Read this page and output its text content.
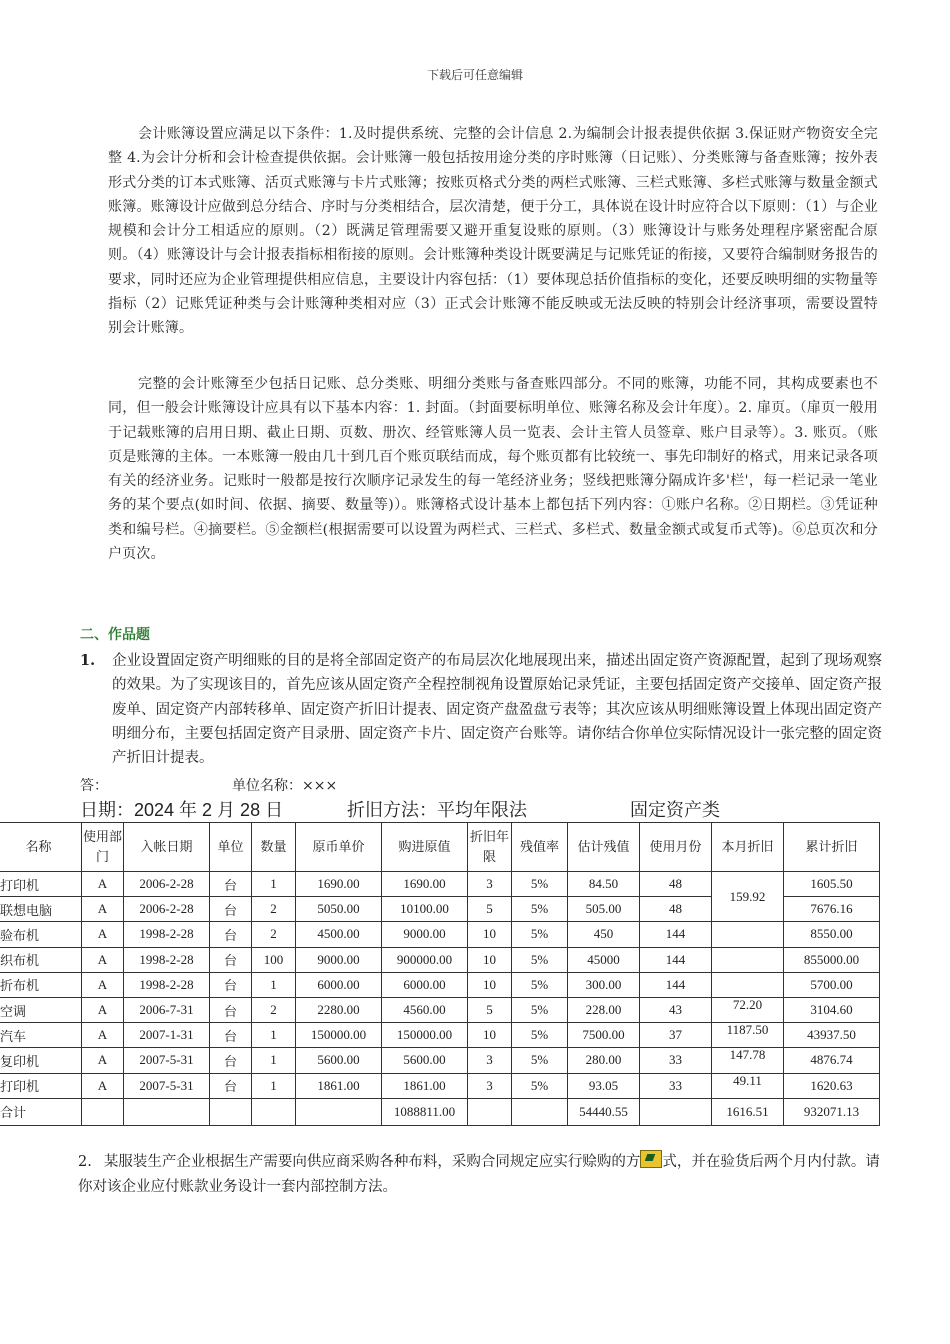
下载后可任意编辑

会计账簿设置应满足以下条件：1.及时提供系统、完整的会计信息 2.为编制会计报表提供依据 3.保证财产物资安全完整 4.为会计分析和会计检查提供依据。会计账簿一般包括按用途分类的序时账簿（日记账）、分类账簿与备查账簿；按外表形式分类的订本式账簿、活页式账簿与卡片式账簿；按账页格式分类的两栏式账簿、三栏式账簿、多栏式账簿与数量金额式账簿。账簿设计应做到总分结合、序时与分类相结合，层次清楚，便于分工，具体说在设计时应符合以下原则：（1）与企业规模和会计分工相适应的原则。（2）既满足管理需要又避开重复设账的原则。（3）账簿设计与账务处理程序紧密配合原则。（4）账簿设计与会计报表指标相衔接的原则。会计账簿种类设计既要满足与记账凭证的衔接，又要符合编制财务报告的要求，同时还应为企业管理提供相应信息，主要设计内容包括：（1）要体现总括价值指标的变化，还要反映明细的实物量等指标（2）记账凭证种类与会计账簿种类相对应（3）正式会计账簿不能反映或无法反映的特别会计经济事项，需要设置特别会计账簿。

完整的会计账簿至少包括日记账、总分类账、明细分类账与备查账四部分。不同的账簿，功能不同，其构成要素也不同，但一般会计账簿设计应具有以下基本内容：1. 封面。（封面要标明单位、账簿名称及会计年度）。2. 扉页。（扉页一般用于记载账簿的启用日期、截止日期、页数、册次、经管账簿人员一览表、会计主管人员签章、账户目录等）。3. 账页。（账页是账簿的主体。一本账簿一般由几十到几百个账页联结而成，每个账页都有比较统一、事先印制好的格式，用来记录各项有关的经济业务。记账时一般都是按行次顺序记录发生的每一笔经济业务；竖线把账簿分隔成许多'栏'，每一栏记录一笔业务的某个要点(如时间、依据、摘要、数量等)）。账簿格式设计基本上都包括下列内容：①账户名称。②日期栏。③凭证种类和编号栏。④摘要栏。⑤金额栏(根据需要可以设置为两栏式、三栏式、多栏式、数量金额式或复币式等)。⑥总页次和分户页次。

二、作品题
1. 企业设置固定资产明细账的目的是将全部固定资产的布局层次化地展现出来，描述出固定资产资源配置，起到了现场观察的效果。为了实现该目的，首先应该从固定资产全程控制视角设置原始记录凭证，主要包括固定资产交接单、固定资产报废单、固定资产内部转移单、固定资产折旧计提表、固定资产盘盈盘亏表等；其次应该从明细账簿设置上体现出固定资产明细分布，主要包括固定资产目录册、固定资产卡片、固定资产台账等。请你结合你单位实际情况设计一张完整的固定资产折旧计提表。
答：	单位名称：×××
日期：2024 年 2 月 28 日	折旧方法：平均年限法	固定资产类
名称	使用部门	入帐日期	单位	数量	原币单价	购进原值	折旧年限	残值率	估计残值	使用月份	本月折旧	累计折旧
打印机	A	2006-2-28	台	1	1690.00	1690.00	3	5%	84.50	48	159.92	1605.50
联想电脑	A	2006-2-28	台	2	5050.00	10100.00	5	5%	505.00	48		7676.16
验布机	A	1998-2-28	台	2	4500.00	9000.00	10	5%	450	144		8550.00
织布机	A	1998-2-28	台	100	9000.00	900000.00	10	5%	45000	144		855000.00
折布机	A	1998-2-28	台	1	6000.00	6000.00	10	5%	300.00	144		5700.00
空调	A	2006-7-31	台	2	2280.00	4560.00	5	5%	228.00	43	72.20	3104.60
汽车	A	2007-1-31	台	1	150000.00	150000.00	10	5%	7500.00	37	1187.50	43937.50
复印机	A	2007-5-31	台	1	5600.00	5600.00	3	5%	280.00	33	147.78	4876.74
打印机	A	2007-5-31	台	1	1861.00	1861.00	3	5%	93.05	33	49.11	1620.63
合计						1088811.00			54440.55		1616.51	932071.13
2. 某服装生产企业根据生产需要向供应商采购各种布料，采购合同规定应实行赊购的方 式，并在验货后两个月内付款。请你对该企业应付账款业务设计一套内部控制方法。
